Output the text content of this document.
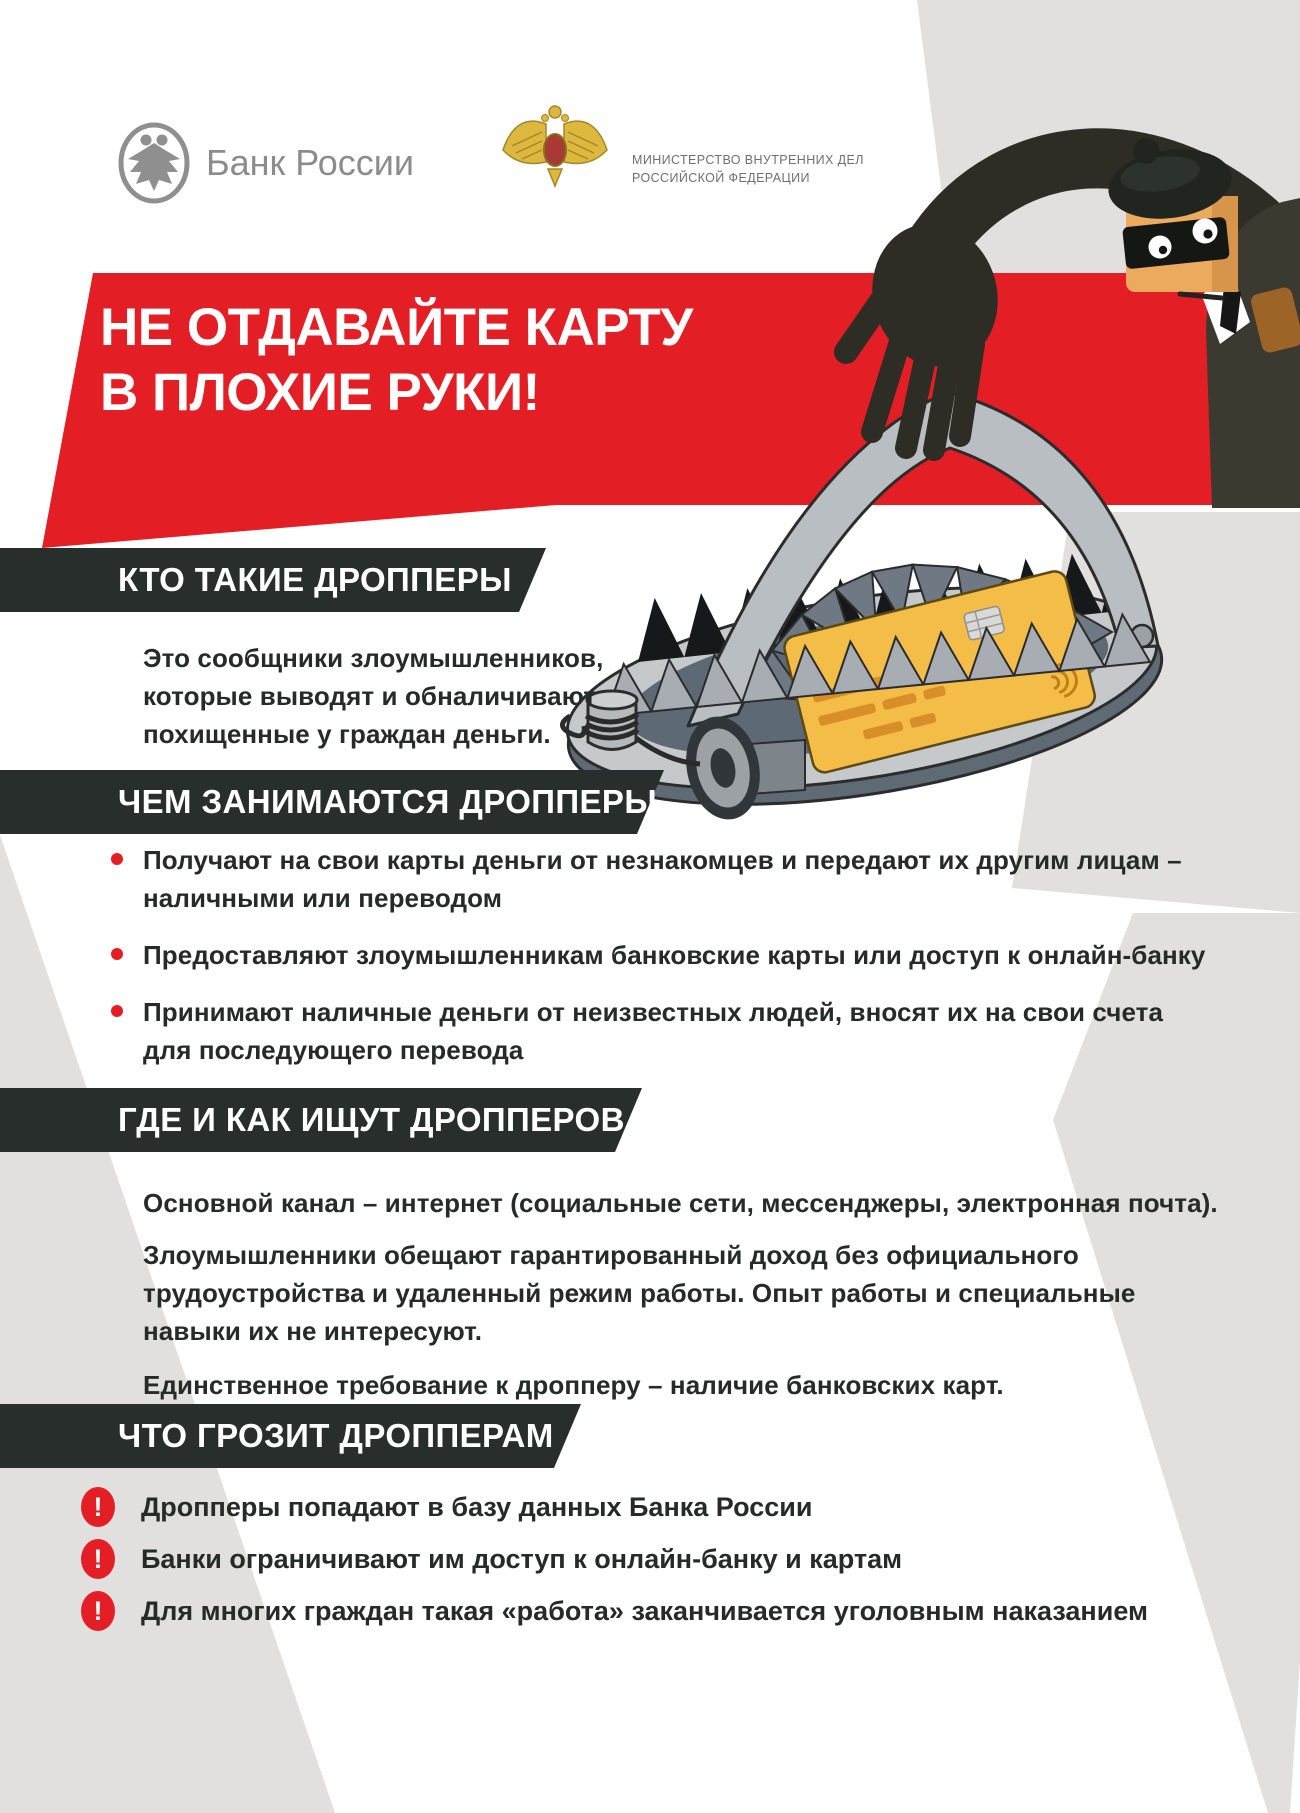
НЕ ОТДАВАЙТЕ КАРТУ
В ПЛОХИЕ РУКИ!
Банк России	МИНИСТЕРСТВО ВНУТРЕННИХ ДЕЛ
РОССИЙСКОЙ ФЕДЕРАЦИИ
КТО ТАКИЕ ДРОППЕРЫ
ЧЕМ ЗАНИМАЮТСЯ ДРОППЕРЫ
ГДЕ И КАК ИЩУТ ДРОППЕРОВ
ЧТО ГРОЗИТ ДРОППЕРАМ
Это сообщники злоумышленников,
которые выводят и обналичивают
похищенные у граждан деньги.
Получают на свои карты деньги от незнакомцев и передают их другим лицам –
наличными или переводом
Предоставляют злоумышленникам банковские карты или доступ к онлайн-банку
Принимают наличные деньги от неизвестных людей, вносят их на свои счета
для последующего перевода
Основной канал – интернет (социальные сети, мессенджеры, электронная почта).
Злоумышленники обещают гарантированный доход без официального
трудоустройства и удаленный режим работы. Опыт работы и специальные
навыки их не интересуют.
Единственное требование к дропперу – наличие банковских карт.
!	Дропперы попадают в базу данных Банка России
!	Банки ограничивают им доступ к онлайн-банку и картам
!	Для многих граждан такая «работа» заканчивается уголовным наказанием
